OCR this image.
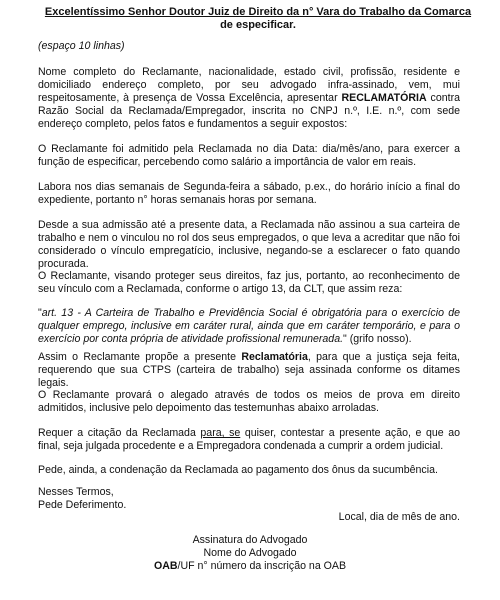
Excelentíssimo Senhor Doutor Juiz de Direito da n° Vara do Trabalho da Comarca
de especificar.

(espaço 10 linhas)

Nome completo do Reclamante, nacionalidade, estado civil, profissão, residente e domiciliado endereço completo, por seu advogado infra-assinado, vem, mui respeitosamente, à presença de Vossa Excelência, apresentar RECLAMATÓRIA contra Razão Social da Reclamada/Empregador, inscrita no CNPJ n.º, I.E. n.º, com sede endereço completo, pelos fatos e fundamentos a seguir expostos:

O Reclamante foi admitido pela Reclamada no dia Data: dia/mês/ano, para exercer a função de especificar, percebendo como salário a importância de valor em reais.

Labora nos dias semanais de Segunda-feira a sábado, p.ex., do horário início a final do expediente, portanto n° horas semanais horas por semana.

Desde a sua admissão até a presente data, a Reclamada não assinou a sua carteira de trabalho e nem o vinculou no rol dos seus empregados, o que leva a acreditar que não foi considerado o vínculo empregatício, inclusive, negando-se a esclarecer o fato quando procurada.

O Reclamante, visando proteger seus direitos, faz jus, portanto, ao reconhecimento de seu vínculo com a Reclamada, conforme o artigo 13, da CLT, que assim reza:

"art. 13 - A Carteira de Trabalho e Previdência Social é obrigatória para o exercício de qualquer emprego, inclusive em caráter rural, ainda que em caráter temporário, e para o exercício por conta própria de atividade profissional remunerada." (grifo nosso).

Assim o Reclamante propõe a presente Reclamatória, para que a justiça seja feita, requerendo que sua CTPS (carteira de trabalho) seja assinada conforme os ditames legais.

O Reclamante provará o alegado através de todos os meios de prova em direito admitidos, inclusive pelo depoimento das testemunhas abaixo arroladas.

Requer a citação da Reclamada para, se quiser, contestar a presente ação, e que ao final, seja julgada procedente e a Empregadora condenada a cumprir a ordem judicial.

Pede, ainda, a condenação da Reclamada ao pagamento dos ônus da sucumbência.

Nesses Termos,
Pede Deferimento.

Local, dia de mês de ano.

Assinatura do Advogado
Nome do Advogado
OAB/UF n° número da inscrição na OAB
